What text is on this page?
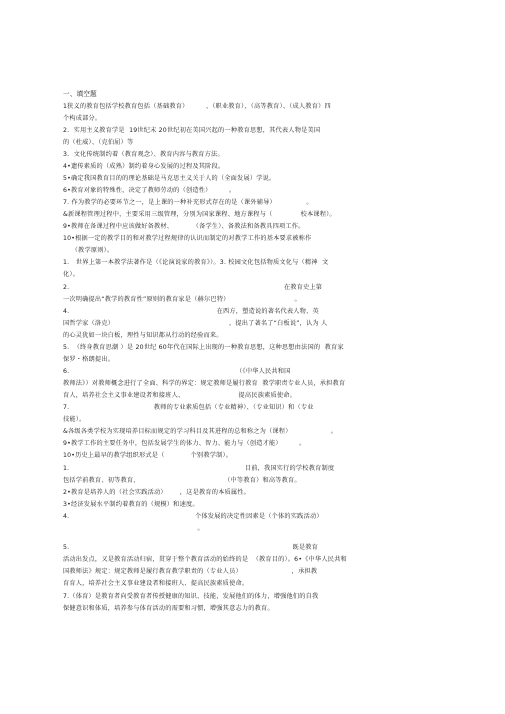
一、填空题
1狭义的教育包括学校教育包括（基础教育）        、（职业教育）、（高等教育）、（成人教育）四
个构成部分。
2.  实用主义教育学是  19世纪末 20世纪初在美国兴起的一种教育思想，其代表人物是美国
的（杜威）、（克伯屈）等
3.  文化传统制约着（教育观念）、教育内容与教育方法。
4•遗传素质的（成熟）制约着身心发展的过程及其阶段。
5•确定我国教育目的的理论基础是马克思主义关于人的（全面发展）学说。
6•教育对象的特殊性，决定了教师劳动的（创造性）        。
7. 作为教学的必要环节之一，是上课的一种补充形式存在的是（课外辅导）              。
&新课程管理过程中，主要采用三级管理，分别为国家课程、地方课程与（             校本课程）。
9•教师在备课过程中应该做好备教材、         （备学生）、备教法和备教具四项工作。
10•根据一定的教学目的和对教学过程规律的认识而制定的对教学工作的基本要求被称作
（教学原则）。
1.   世界上第一本教学法著作是（《论演说家的教育》）。3. 校园文化包括物质文化与（精神  文
化）。
2.                                                                                                   在教育史上第
一次明确提出“教学的教育性”原则的教育家是（赫尔巴特）                              。
4.                                                                    在西方，塑造说的著名代表人物、英
国哲学家（洛克）                                                     ，提出了著名了“白板说”，认为 人
的心灵犹如一块白板，理性与知识都从行动的经验而来。
5.  （终身教育思潮 ）是 20世纪 60年代在国际上出现的一种教育思想，这种思想由法国的  教育家
保罗・格朗提出。
6.                                                                             （《中华人民共和国
教师法》）对教师概念进行了全面、科学的界定：规定教师是履行教育  教学职责专业人员，承担教育
育人，培养社会主义事业建设者和接班人、                         提高民族素质使命。
7.                                       教师的专业素质包括（专业精神）、（专业知识）和（专业
技能）。
&各级各类学校为实现培养目标而规定的学习科目及其进程的总和称之为（课程）                  。
9•教学工作的主要任务中，包括发展学生的体力、智力、能力与（创造才能）        。
10•历史上最早的教学组织形式是（            个别教学制）。
1.                                                                                 目前，我国实行的学校教育制度
包括学前教育、初等教育、                                       （中等教育）和高等教育。
2•教育是培养人的（社会实践活动）      ，这是教育的本质属性。
3•经济发展水平制约着教育的（规模）和速度。
4.                                                          个体发展的决定性因素是（个体的实践活动）
。
5.                                                                                                       既是教育
活动出发点，又是教育活动归宿，贯穿于整个教育活动的始终的是  （教育目的）。6•《中华人民共和
国教师法》规定：规定教师是履行教育教学职责的（专业人员）                       ，承担教
育育人，培养社会主义事业建设者和接班人、提高民族素质使命。
7.（体育）是教育者向受教育者传授健康的知识、技能，发展他们的体力，增强他们的自我
保健意识和体质，培养参与体育活动的需要和习惯，增强其意志力的教育。
